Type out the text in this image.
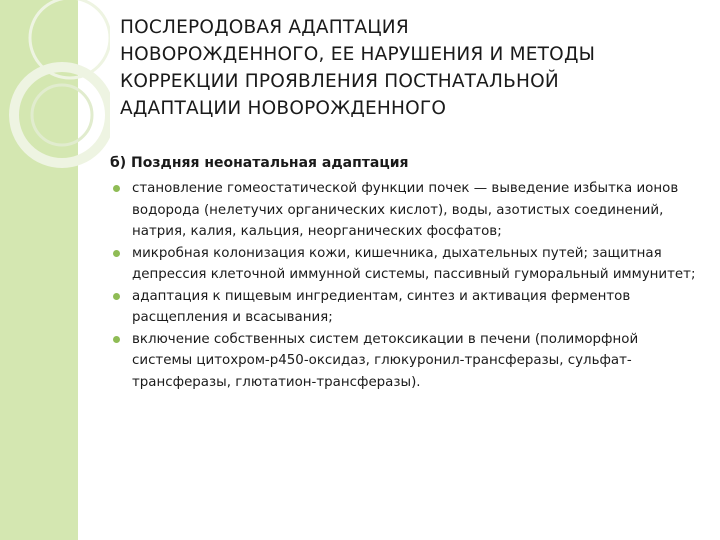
ПОСЛЕРОДОВАЯ АДАПТАЦИЯ
НОВОРОЖДЕННОГО, ЕЕ НАРУШЕНИЯ И МЕТОДЫ
КОРРЕКЦИИ ПРОЯВЛЕНИЯ ПОСТНАТАЛЬНОЙ
АДАПТАЦИИ НОВОРОЖДЕННОГО
б) Поздняя неонатальная адаптация
становление гомеостатической функции почек — выведение избытка ионов водорода (нелетучих органических кислот), воды, азотистых соединений, натрия, калия, кальция, неорганических фосфатов;
микробная колонизация кожи, кишечника, дыхательных путей; защитная депрессия клеточной иммунной системы, пассивный гуморальный иммунитет;
адаптация к пищевым ингредиентам, синтез и активация ферментов расщепления и всасывания;
включение собственных систем детоксикации в печени (полиморфной системы цитохром-р450-оксидаз, глюкуронил-трансферазы, сульфат-трансферазы, глютатион-трансферазы).
